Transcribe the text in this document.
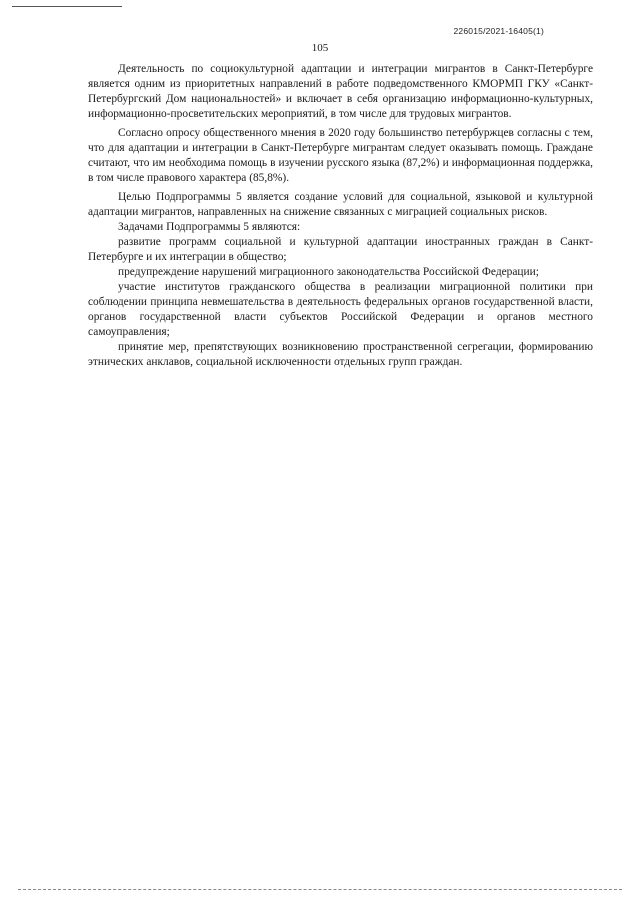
226015/2021-16405(1)
105

Деятельность по социокультурной адаптации и интеграции мигрантов в Санкт-Петербурге является одним из приоритетных направлений в работе подведомственного КМОРМП ГКУ «Санкт-Петербургский Дом национальностей» и включает в себя организацию информационно-культурных, информационно-просветительских мероприятий, в том числе для трудовых мигрантов.

Согласно опросу общественного мнения в 2020 году большинство петербуржцев согласны с тем, что для адаптации и интеграции в Санкт-Петербурге мигрантам следует оказывать помощь. Граждане считают, что им необходима помощь в изучении русского языка (87,2%) и информационная поддержка, в том числе правового характера (85,8%).

Целью Подпрограммы 5 является создание условий для социальной, языковой и культурной адаптации мигрантов, направленных на снижение связанных с миграцией социальных рисков.

Задачами Подпрограммы 5 являются:

развитие программ социальной и культурной адаптации иностранных граждан в Санкт-Петербурге и их интеграции в общество;

предупреждение нарушений миграционного законодательства Российской Федерации;

участие институтов гражданского общества в реализации миграционной политики при соблюдении принципа невмешательства в деятельность федеральных органов государственной власти, органов государственной власти субъектов Российской Федерации и органов местного самоуправления;

принятие мер, препятствующих возникновению пространственной сегрегации, формированию этнических анклавов, социальной исключенности отдельных групп граждан.
